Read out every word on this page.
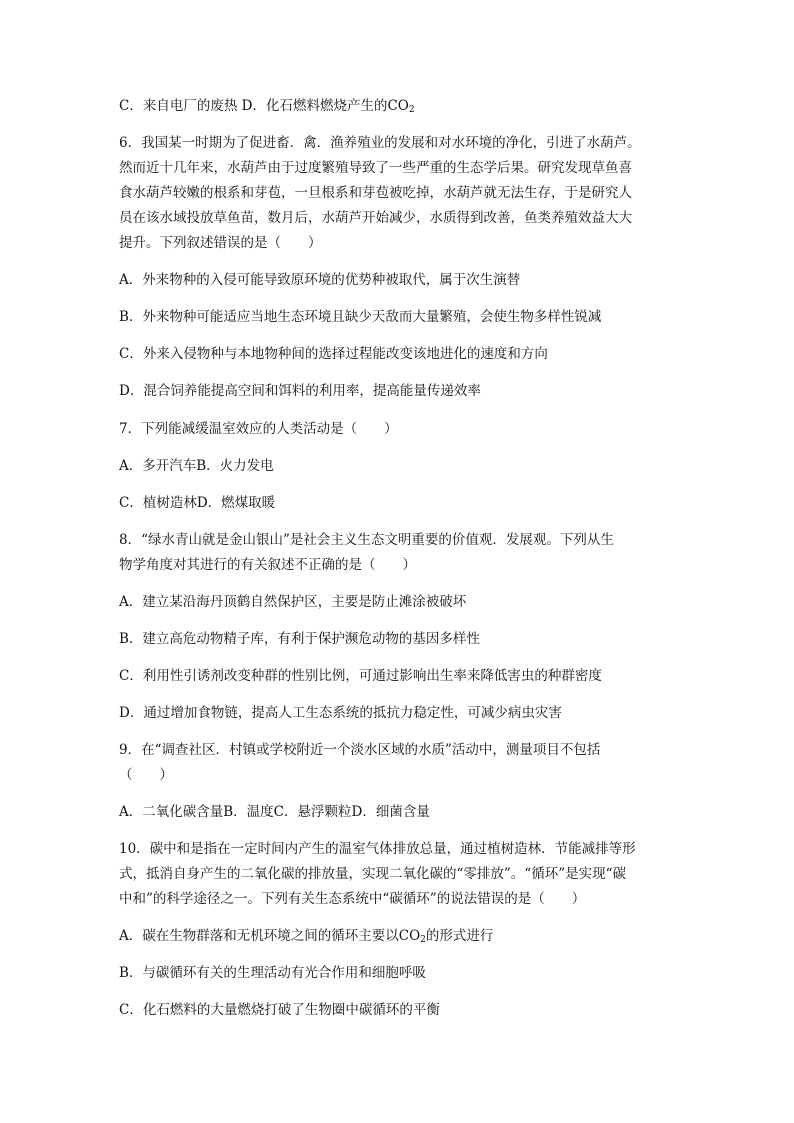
C．来自电厂的废热 D．化石燃料燃烧产生的$CO_2$
6．我国某一时期为了促进畜．禽．渔养殖业的发展和对水环境的净化，引进了水葫芦。
然而近十几年来，水葫芦由于过度繁殖导致了一些严重的生态学后果。研究发现草鱼喜
食水葫芦较嫩的根系和芽苞，一旦根系和芽苞被吃掉，水葫芦就无法生存，于是研究人
员在该水域投放草鱼苗，数月后，水葫芦开始减少，水质得到改善，鱼类养殖效益大大
提升。下列叙述错误的是（　　）
A．外来物种的入侵可能导致原环境的优势种被取代，属于次生演替
B．外来物种可能适应当地生态环境且缺少天敌而大量繁殖，会使生物多样性锐减
C．外来入侵物种与本地物种间的选择过程能改变该地进化的速度和方向
D．混合饲养能提高空间和饵料的利用率，提高能量传递效率
7．下列能减缓温室效应的人类活动是（　　）
A．多开汽车B．火力发电
C．植树造林D．燃煤取暖
8．“绿水青山就是金山银山”是社会主义生态文明重要的价值观．发展观。下列从生
物学角度对其进行的有关叙述不正确的是（　　）
A．建立某沿海丹顶鹤自然保护区，主要是防止滩涂被破坏
B．建立高危动物精子库，有利于保护濒危动物的基因多样性
C．利用性引诱剂改变种群的性别比例，可通过影响出生率来降低害虫的种群密度
D．通过增加食物链，提高人工生态系统的抵抗力稳定性，可减少病虫灾害
9．在“调查社区．村镇或学校附近一个淡水区域的水质”活动中，测量项目不包括
（　　）
A．二氧化碳含量B．温度C．悬浮颗粒D．细菌含量
10．碳中和是指在一定时间内产生的温室气体排放总量，通过植树造林．节能减排等形
式，抵消自身产生的二氧化碳的排放量，实现二氧化碳的“零排放”。“循环”是实现“碳
中和”的科学途径之一。下列有关生态系统中“碳循环”的说法错误的是（　　）
A．碳在生物群落和无机环境之间的循环主要以$CO_2$的形式进行
B．与碳循环有关的生理活动有光合作用和细胞呼吸
C．化石燃料的大量燃烧打破了生物圈中碳循环的平衡
